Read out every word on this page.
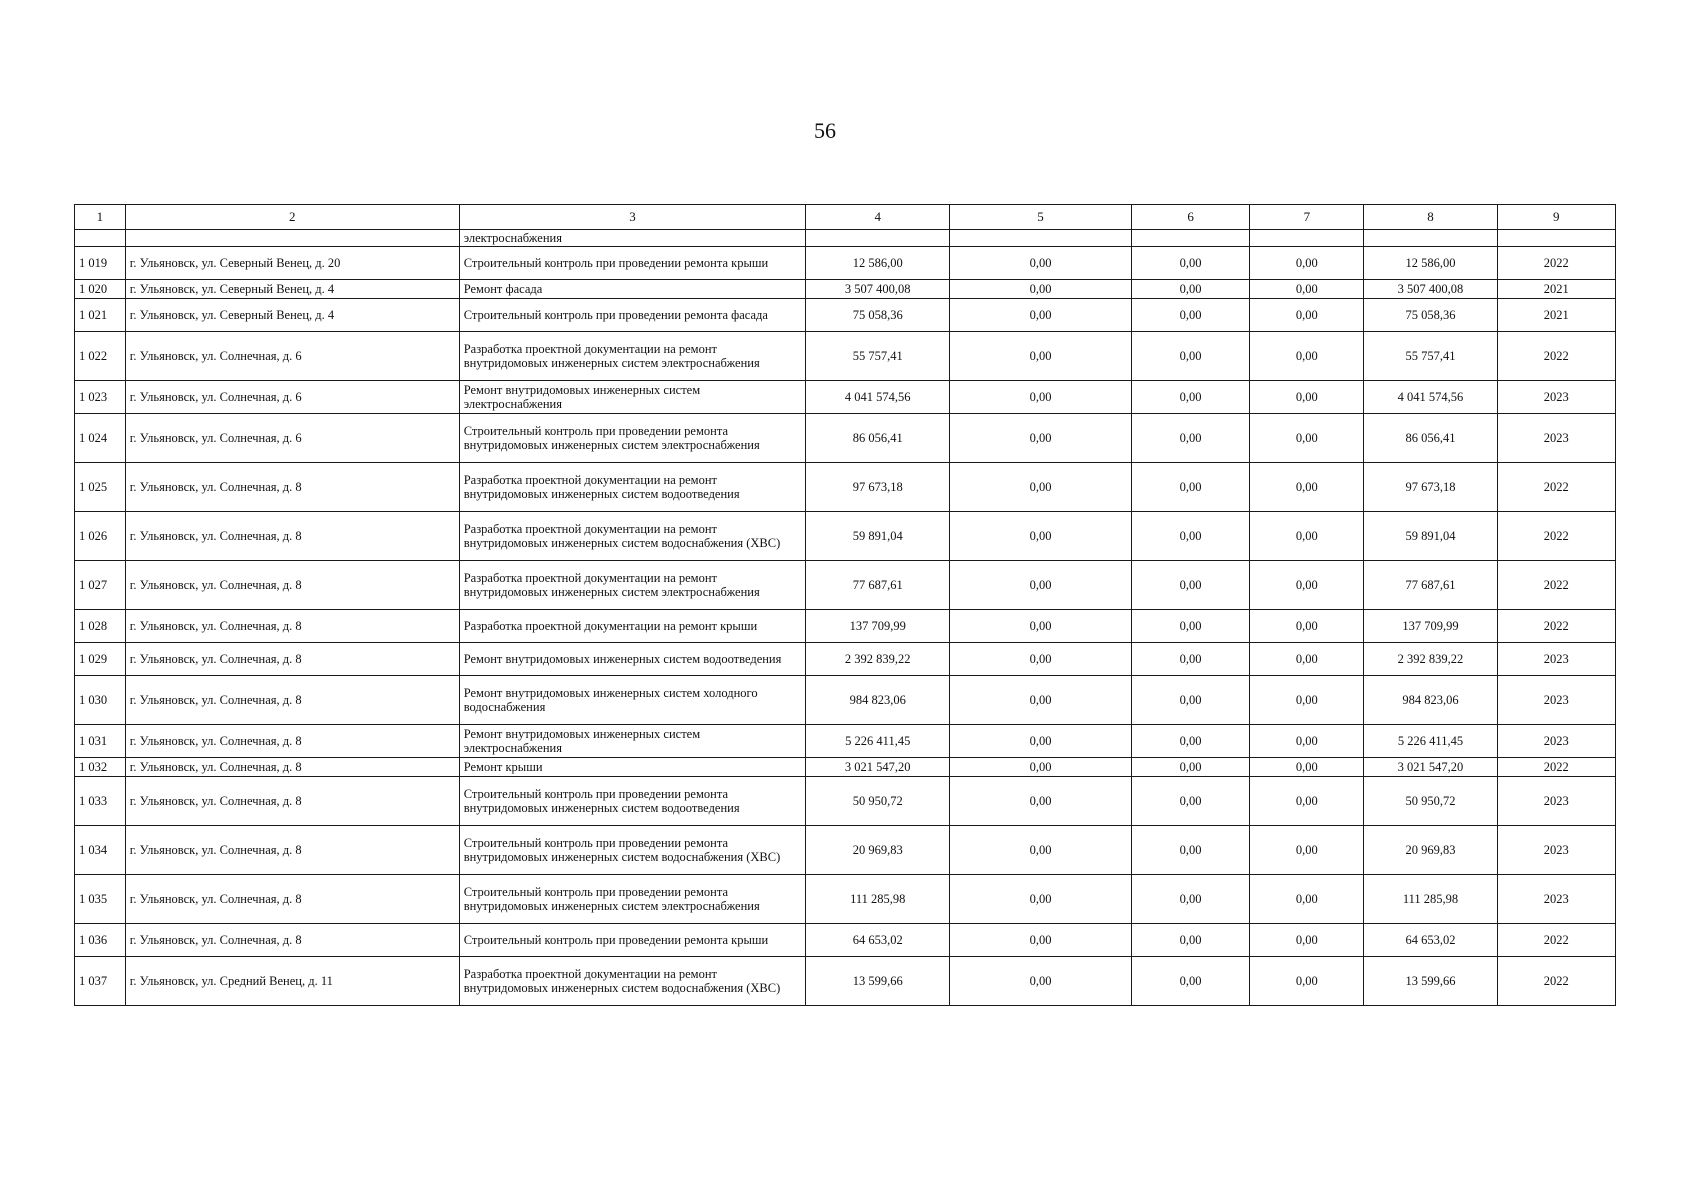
56
1	2	3	4	5	6	7	8	9
		электроснабжения						
1 019	г. Ульяновск, ул. Северный Венец, д. 20	Строительный контроль при проведении ремонта крыши	12 586,00	0,00	0,00	0,00	12 586,00	2022
1 020	г. Ульяновск, ул. Северный Венец, д. 4	Ремонт фасада	3 507 400,08	0,00	0,00	0,00	3 507 400,08	2021
1 021	г. Ульяновск, ул. Северный Венец, д. 4	Строительный контроль при проведении ремонта фасада	75 058,36	0,00	0,00	0,00	75 058,36	2021
1 022	г. Ульяновск, ул. Солнечная, д. 6	Разработка проектной документации на ремонт внутридомовых инженерных систем электроснабжения	55 757,41	0,00	0,00	0,00	55 757,41	2022
1 023	г. Ульяновск, ул. Солнечная, д. 6	Ремонт внутридомовых инженерных систем электроснабжения	4 041 574,56	0,00	0,00	0,00	4 041 574,56	2023
1 024	г. Ульяновск, ул. Солнечная, д. 6	Строительный контроль при проведении ремонта внутридомовых инженерных систем электроснабжения	86 056,41	0,00	0,00	0,00	86 056,41	2023
1 025	г. Ульяновск, ул. Солнечная, д. 8	Разработка проектной документации на ремонт внутридомовых инженерных систем водоотведения	97 673,18	0,00	0,00	0,00	97 673,18	2022
1 026	г. Ульяновск, ул. Солнечная, д. 8	Разработка проектной документации на ремонт внутридомовых инженерных систем водоснабжения (ХВС)	59 891,04	0,00	0,00	0,00	59 891,04	2022
1 027	г. Ульяновск, ул. Солнечная, д. 8	Разработка проектной документации на ремонт внутридомовых инженерных систем электроснабжения	77 687,61	0,00	0,00	0,00	77 687,61	2022
1 028	г. Ульяновск, ул. Солнечная, д. 8	Разработка проектной документации на ремонт крыши	137 709,99	0,00	0,00	0,00	137 709,99	2022
1 029	г. Ульяновск, ул. Солнечная, д. 8	Ремонт внутридомовых инженерных систем водоотведения	2 392 839,22	0,00	0,00	0,00	2 392 839,22	2023
1 030	г. Ульяновск, ул. Солнечная, д. 8	Ремонт внутридомовых инженерных систем холодного водоснабжения	984 823,06	0,00	0,00	0,00	984 823,06	2023
1 031	г. Ульяновск, ул. Солнечная, д. 8	Ремонт внутридомовых инженерных систем электроснабжения	5 226 411,45	0,00	0,00	0,00	5 226 411,45	2023
1 032	г. Ульяновск, ул. Солнечная, д. 8	Ремонт крыши	3 021 547,20	0,00	0,00	0,00	3 021 547,20	2022
1 033	г. Ульяновск, ул. Солнечная, д. 8	Строительный контроль при проведении ремонта внутридомовых инженерных систем водоотведения	50 950,72	0,00	0,00	0,00	50 950,72	2023
1 034	г. Ульяновск, ул. Солнечная, д. 8	Строительный контроль при проведении ремонта внутридомовых инженерных систем водоснабжения (ХВС)	20 969,83	0,00	0,00	0,00	20 969,83	2023
1 035	г. Ульяновск, ул. Солнечная, д. 8	Строительный контроль при проведении ремонта внутридомовых инженерных систем электроснабжения	111 285,98	0,00	0,00	0,00	111 285,98	2023
1 036	г. Ульяновск, ул. Солнечная, д. 8	Строительный контроль при проведении ремонта крыши	64 653,02	0,00	0,00	0,00	64 653,02	2022
1 037	г. Ульяновск, ул. Средний Венец, д. 11	Разработка проектной документации на ремонт внутридомовых инженерных систем водоснабжения (ХВС)	13 599,66	0,00	0,00	0,00	13 599,66	2022
